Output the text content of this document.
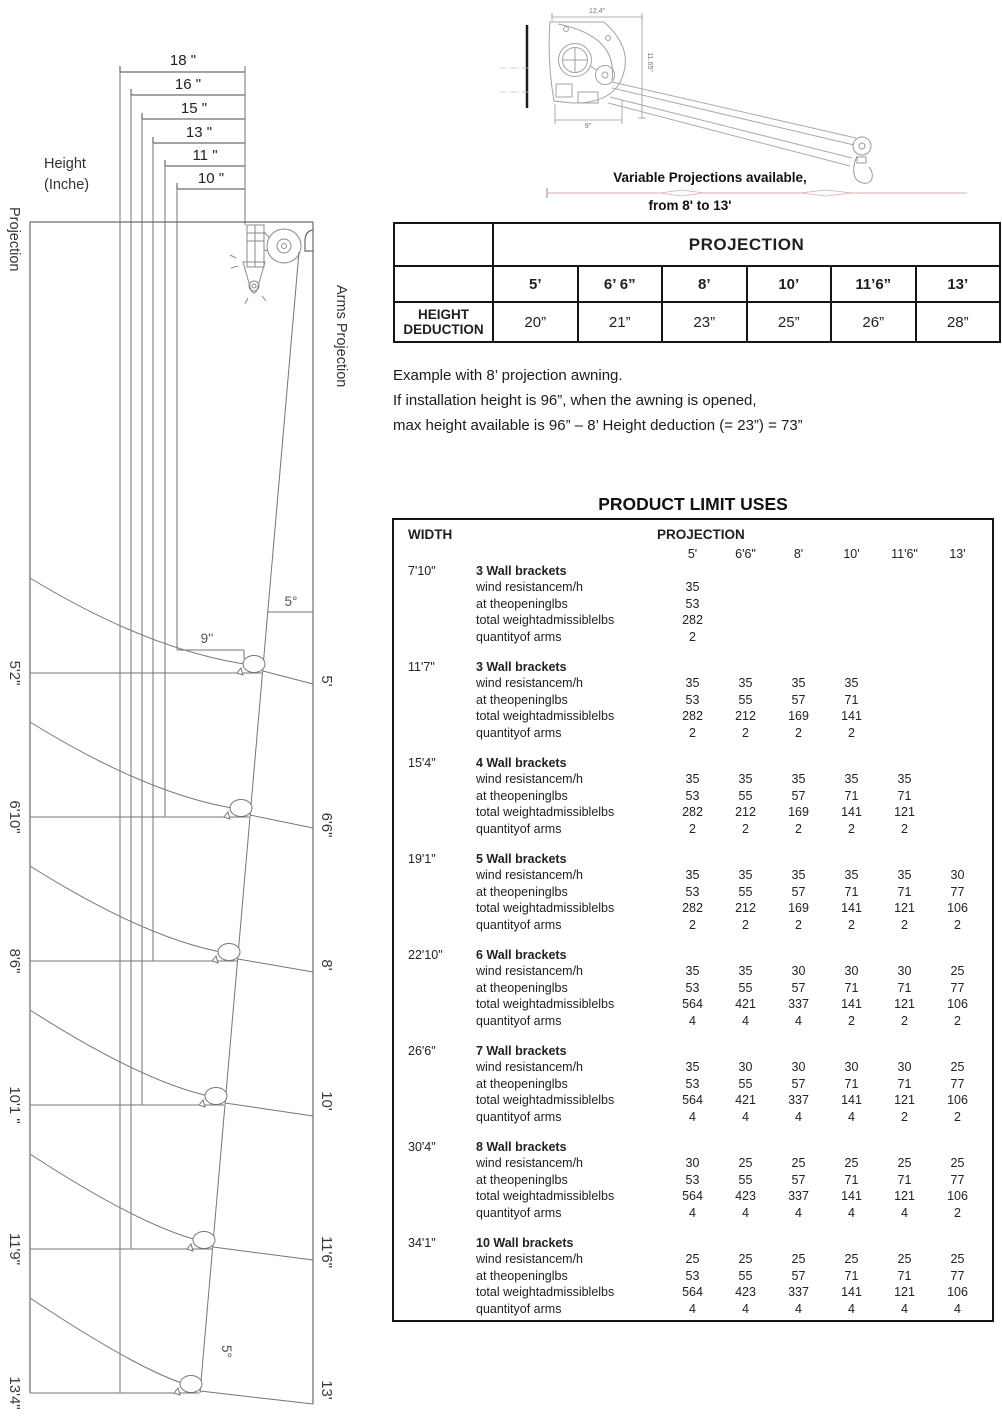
18 "
16 "
15 "
13 "
11 "
10 "
Height
(Inche)
Projection
Arms Projection
5°
9''
5°
5'2"
6'10"
8'6"
10'1 "
11'9"
13'4"
5'
6'6"
8'
10'
11'6"
13'
12.4"
11.65"
9"
Variable Projections available,
from 8' to 13'
	PROJECTION					
	5’	6’ 6”	8’	10’	11’6”	13’
HEIGHT DEDUCTION	20”	21”	23”	25”	26”	28”
Example with 8’ projection awning.
If installation height is 96”, when the awning is opened,
max height available is 96” – 8’ Height deduction (= 23”) = 73”
PRODUCT LIMIT USES
WIDTH	PROJECTION
5'	6'6"	8'	10'	11'6"	13'
7'10"	3 Wall brackets
wind resistancem/h	35
at theopeninglbs	53
total weightadmissiblelbs	282
quantityof arms	2
11'7"	3 Wall brackets
wind resistancem/h	35	35	35	35
at theopeninglbs	53	55	57	71
total weightadmissiblelbs	282	212	169	141
quantityof arms	2	2	2	2
15'4"	4 Wall brackets
wind resistancem/h	35	35	35	35	35
at theopeninglbs	53	55	57	71	71
total weightadmissiblelbs	282	212	169	141	121
quantityof arms	2	2	2	2	2
19'1"	5 Wall brackets
wind resistancem/h	35	35	35	35	35	30
at theopeninglbs	53	55	57	71	71	77
total weightadmissiblelbs	282	212	169	141	121	106
quantityof arms	2	2	2	2	2	2
22'10"	6 Wall brackets
wind resistancem/h	35	35	30	30	30	25
at theopeninglbs	53	55	57	71	71	77
total weightadmissiblelbs	564	421	337	141	121	106
quantityof arms	4	4	4	2	2	2
26'6"	7 Wall brackets
wind resistancem/h	35	30	30	30	30	25
at theopeninglbs	53	55	57	71	71	77
total weightadmissiblelbs	564	421	337	141	121	106
quantityof arms	4	4	4	4	2	2
30'4"	8 Wall brackets
wind resistancem/h	30	25	25	25	25	25
at theopeninglbs	53	55	57	71	71	77
total weightadmissiblelbs	564	423	337	141	121	106
quantityof arms	4	4	4	4	4	2
34'1"	10 Wall brackets
wind resistancem/h	25	25	25	25	25	25
at theopeninglbs	53	55	57	71	71	77
total weightadmissiblelbs	564	423	337	141	121	106
quantityof arms	4	4	4	4	4	4
